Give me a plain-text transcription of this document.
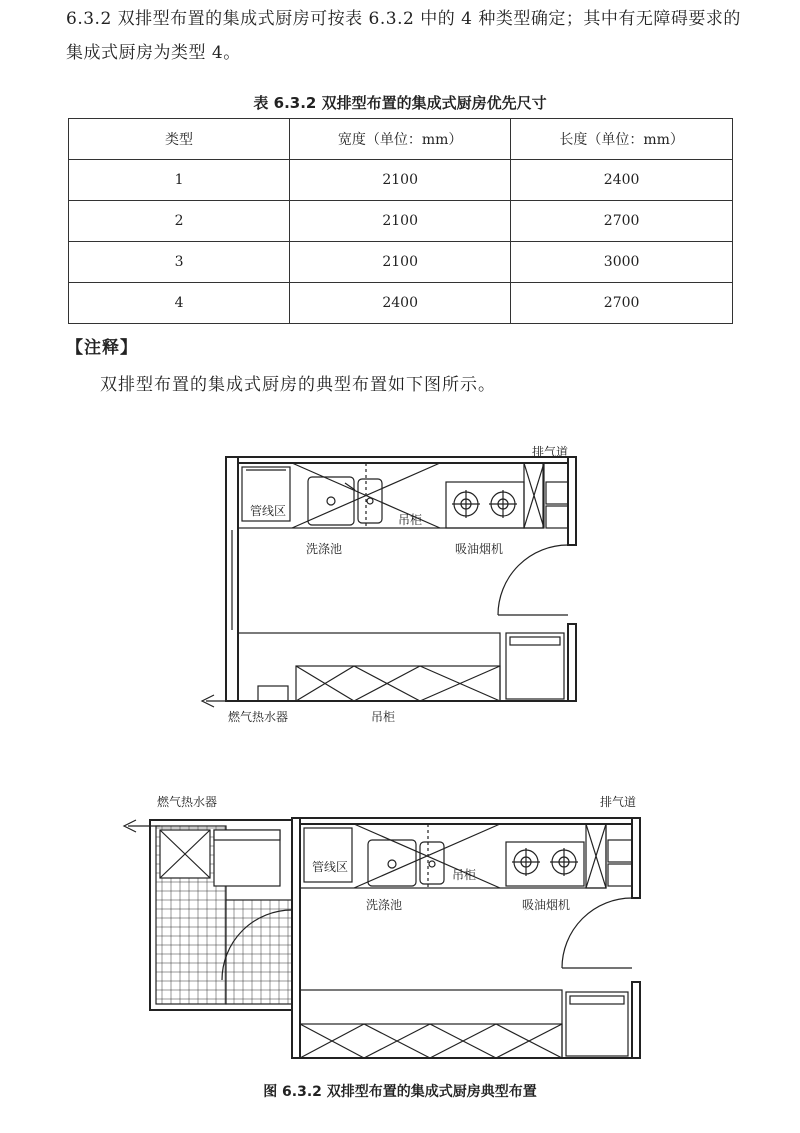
6.3.2 双排型布置的集成式厨房可按表 6.3.2 中的 4 种类型确定；其中有无障碍要求的集成式厨房为类型 4。
表 6.3.2 双排型布置的集成式厨房优先尺寸
类型	宽度（单位：mm）	长度（单位：mm）
1	2100	2400
2	2100	2700
3	2100	3000
4	2400	2700
【注释】
双排型布置的集成式厨房的典型布置如下图所示。
管线区
洗涤池
吊柜
吸油烟机
排气道
燃气热水器	吊柜
燃气热水器	排气道
管线区
洗涤池
吊柜
吸油烟机
图 6.3.2 双排型布置的集成式厨房典型布置
